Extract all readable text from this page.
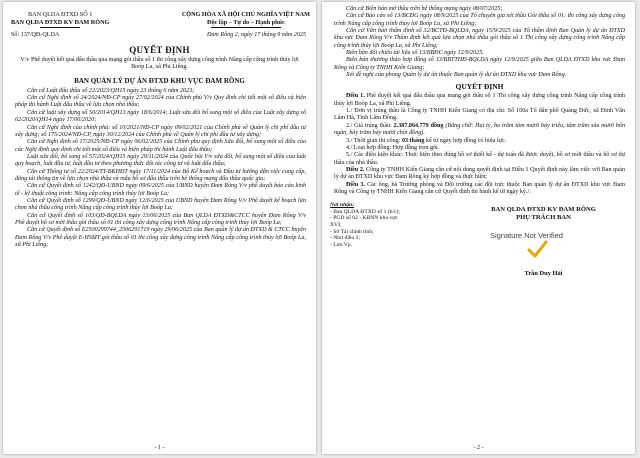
BAN QLDA ĐTXD SỐ 1
BAN QLDA ĐTXD KV ĐAM RÔNG
CỘNG HÒA XÃ HỘI CHỦ NGHĨA VIỆT NAM
Độc lập – Tự do – Hạnh phúc
Số: 137/QĐ-QLDA	Đam Rông 2, ngày 17 tháng 9 năm 2025
QUYẾT ĐỊNH
V/v Phê duyệt kết quả đấu thầu qua mạng gói thầu số 1 thi công xây dựng công trình Nâng cấp công trình thủy lợi Boóp La, xã Phi Liêng.
BAN QUẢN LÝ DỰ ÁN ĐTXD KHU VỰC ĐAM RÔNG

Căn cứ Luật đấu thầu số 22/2023/QH15 ngày 23 tháng 6 năm 2023;

Căn cứ Nghị định số 24/2024/NĐ-CP ngày 27/02/2024 của Chính phủ V/v Quy định chi tiết một số điều và biện pháp thi hành Luật đấu thầu về lựa chọn nhà thầu;

Căn cứ luật xây dựng số 50/2014/QH13 ngày 18/6/2014; Luật sửa đổi bổ sung một số điều của Luật xây dựng số 62/2020/QH14 ngày 17/06/2020;

Căn cứ Nghị định của chính phủ: số 10/2021/NĐ-CP ngày 09/02/2021 của Chính phủ về Quản lý chi phí đầu tư xây dựng; số 175/2024/NĐ-CP, ngày 30/12/2024 của Chính phủ về Quản lý chi phí đầu tư xây dựng;

Căn cứ Nghị định số 17/2025/NĐ-CP ngày 06/02/2025 của Chính phủ quy định Sửa đổi, bổ sung một số điều của các Nghị định quy định chi tiết một số điều và biện pháp thi hành Luật đấu thầu;

Luật sửa đổi, bổ sung số 57/2024/QH15 ngày 29/11/2024 của Quốc hội V/v sửa đổi, bổ sung một số điều của luật quy hoạch, luật đầu tư, luật đầu tư theo phương thức đối tác công tư và luật đấu thầu;

Căn cứ Thông tư số 22/2024/TT-BKHĐT ngày 17/11/2024 của Bộ Kế hoạch và Đầu tư hướng dẫn việc cung cấp, đăng tải thông tin về lựa chọn nhà thầu và mẫu hồ sơ đấu thầu trên hệ thống mạng đấu thầu quốc gia;

Căn cứ Quyết định số 1242/QĐ-UBND ngày 09/6/2025 của UBND huyện Đam Rông V/v phê duyệt báo cáo kinh tế - kỹ thuật công trình: Nâng cấp công trình thủy lợi Boóp La;

Căn cứ Quyết định số 1299/QĐ-UBND ngày 12/6/2025 của UBND huyện Đam Rông V/v Phê duyệt kế hoạch lựa chọn nhà thầu công trình Nâng cấp công trình thủy lợi Boóp La;

Căn cứ Quyết định số 103/QĐ-BQLDA ngày 13/06/2025 của Ban QLDA ĐTXD&CTCC huyện Đam Rông V/v Phê duyệt hồ sơ mời thầu gói thầu số 01 thi công xây dựng công trình Nâng cấp công trình thủy lợi Boóp La;

Căn cứ Quyết định số E2500299744_2506291719 ngày 29/06/2025 của Ban quản lý dự án ĐTXD & CTCC huyện Đam Rông V/v Phê duyệt E-HSMT gói thầu số 01 thi công xây dựng công trình Nâng cấp công trình thủy lợi Boóp La, xã Phi Liêng;

- 1 -

Căn cứ Biên bản mở thầu trên hệ thống mạng ngày 08/07/2025;

Căn cứ Báo cáo số 13/BCĐG ngày 08/9/2025 của Tổ chuyên gia xét thầu Gói thầu số 01: thi công xây dựng công trình Nâng cấp công trình thủy lợi Boóp La, xã Phi Liêng;

Căn cứ Văn bản thẩm định số 32/BCTĐ-BQLDA, ngày 15/9/2025 của Tổ thẩm định Ban Quản lý dự án ĐTXD khu vực Đam Rông V/v Thẩm định kết quả lựa chọn nhà thầu gói thầu số 1 Thi công xây dựng công trình Nâng cấp công trình thủy lợi Boóp La, xã Phi Liêng;

Biên bản đối chiếu tài liệu số 13/BBĐC ngày 12/9/2025.

Biên bản thương thảo hợp đồng số 13/BBTTHĐ-BQLDA ngày 12/9/2025 giữa Ban QLDA ĐTXD khu vực Đam Rông và Công ty TNHH Kiến Giang;

Xét đề nghị của phòng Quản lý dự án thuộc Ban quản lý dự án ĐTXD khu vực Đam Rông.

QUYẾT ĐỊNH

Điều 1. Phê duyệt kết quả đấu thầu qua mạng gói thầu số 1 Thi công xây dựng công trình Nâng cấp công trình thủy lợi Boóp La, xã Phi Liêng.

1./ Đơn vị trúng thầu là Công ty TNHH Kiến Giang có địa chỉ: Số 100a Tổ dân phố Quảng Đức, xã Đinh Văn Lâm Hà, Tỉnh Lâm Đồng.

2./ Giá trúng thầu: 2.387.864.779 đồng (Bằng chữ: Hai tỷ, ba trăm tám mươi bảy triệu, tám trăm sáu mươi bốn ngàn, bảy trăm bảy mươi chín đồng).

3./ Thời gian thi công: 03 tháng kể từ ngày hợp đồng có hiệu lực.

4./ Loại hợp đồng: Hợp đồng trọn gói.

5./ Các điều kiện khác: Thực hiện theo đúng hồ sơ thiết kế - dự toán đã được duyệt, hồ sơ mời thầu và hồ sơ dự thầu của nhà thầu.

Điều 2. Công ty TNHH Kiến Giang căn cứ nội dung quyết định tại Điều 1 Quyết định này làm việc với Ban quản lý dự án ĐTXD khu vực Đam Rông ký hợp đồng và thực hiện;

Điều 3. Các ông, bà Trưởng phòng và Đội trưởng các đội trực thuộc Ban quản lý dự án ĐTXD khu vực Đam Rông và Công ty TNHH Kiến Giang căn cứ Quyết định thi hành kể từ ngày ký./.

Nơi nhận:
- Ban QLDA ĐTXD số 1 (b/c);
- PGD số 02 - KBNN khu vực
XVI;
- Sở Tài chính tỉnh;
- Như điều 3;
- Lưu Vp.
BAN QLDA ĐTXD KV ĐAM RÔNG
PHỤ TRÁCH BAN
Signature Not Verified
Trần Duy Hải
- 2 -
